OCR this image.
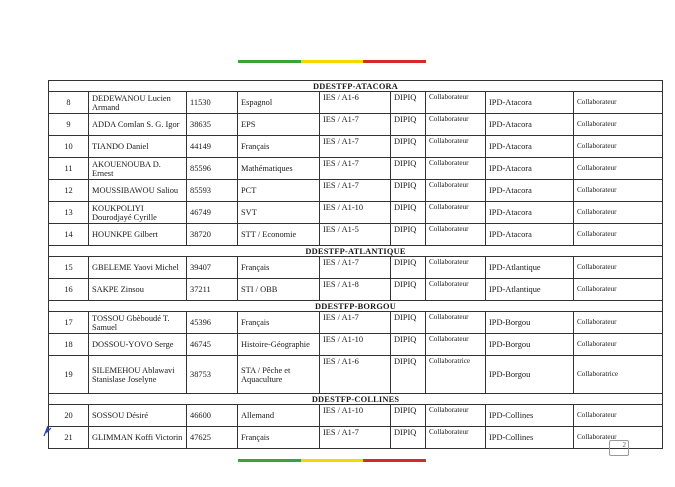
DDESTFP-ATACORA								
8	DEDEWANOU Lucien Armand	11530	Espagnol	IES / A1-6	DIPIQ	Collaborateur	IPD-Atacora	Collaborateur
9	ADDA Comlan S. G. Igor	38635	EPS	IES / A1-7	DIPIQ	Collaborateur	IPD-Atacora	Collaborateur
10	TIANDO Daniel	44149	Français	IES / A1-7	DIPIQ	Collaborateur	IPD-Atacora	Collaborateur
11	AKOUENOUBA D. Ernest	85596	Mathématiques	IES / A1-7	DIPIQ	Collaborateur	IPD-Atacora	Collaborateur
12	MOUSSIBAWOU Saliou	85593	PCT	IES / A1-7	DIPIQ	Collaborateur	IPD-Atacora	Collaborateur
13	KOUKPOLIYI Dourodjayé Cyrille	46749	SVT	IES / A1-10	DIPIQ	Collaborateur	IPD-Atacora	Collaborateur
14	HOUNKPE Gilbert	38720	STT / Economie	IES / A1-5	DIPIQ	Collaborateur	IPD-Atacora	Collaborateur
DDESTFP-ATLANTIQUE								
15	GBELEME Yaovi Michel	39407	Français	IES / A1-7	DIPIQ	Collaborateur	IPD-Atlantique	Collaborateur
16	SAKPE Zinsou	37211	STI / OBB	IES / A1-8	DIPIQ	Collaborateur	IPD-Atlantique	Collaborateur
DDESTFP-BORGOU								
17	TOSSOU Gbèboudé T. Samuel	45396	Français	IES / A1-7	DIPIQ	Collaborateur	IPD-Borgou	Collaborateur
18	DOSSOU-YOVO Serge	46745	Histoire-Géographie	IES / A1-10	DIPIQ	Collaborateur	IPD-Borgou	Collaborateur
19	SILEMEHOU Ablawavi Stanislase Joselyne	38753	STA / Pêche et Aquaculture	IES / A1-6	DIPIQ	Collaboratrice	IPD-Borgou	Collaboratrice
DDESTFP-COLLINES								
20	SOSSOU Désiré	46600	Allemand	IES / A1-10	DIPIQ	Collaborateur	IPD-Collines	Collaborateur
21	GLIMMAN Koffi Victorin	47625	Français	IES / A1-7	DIPIQ	Collaborateur	IPD-Collines	Collaborateur
2
